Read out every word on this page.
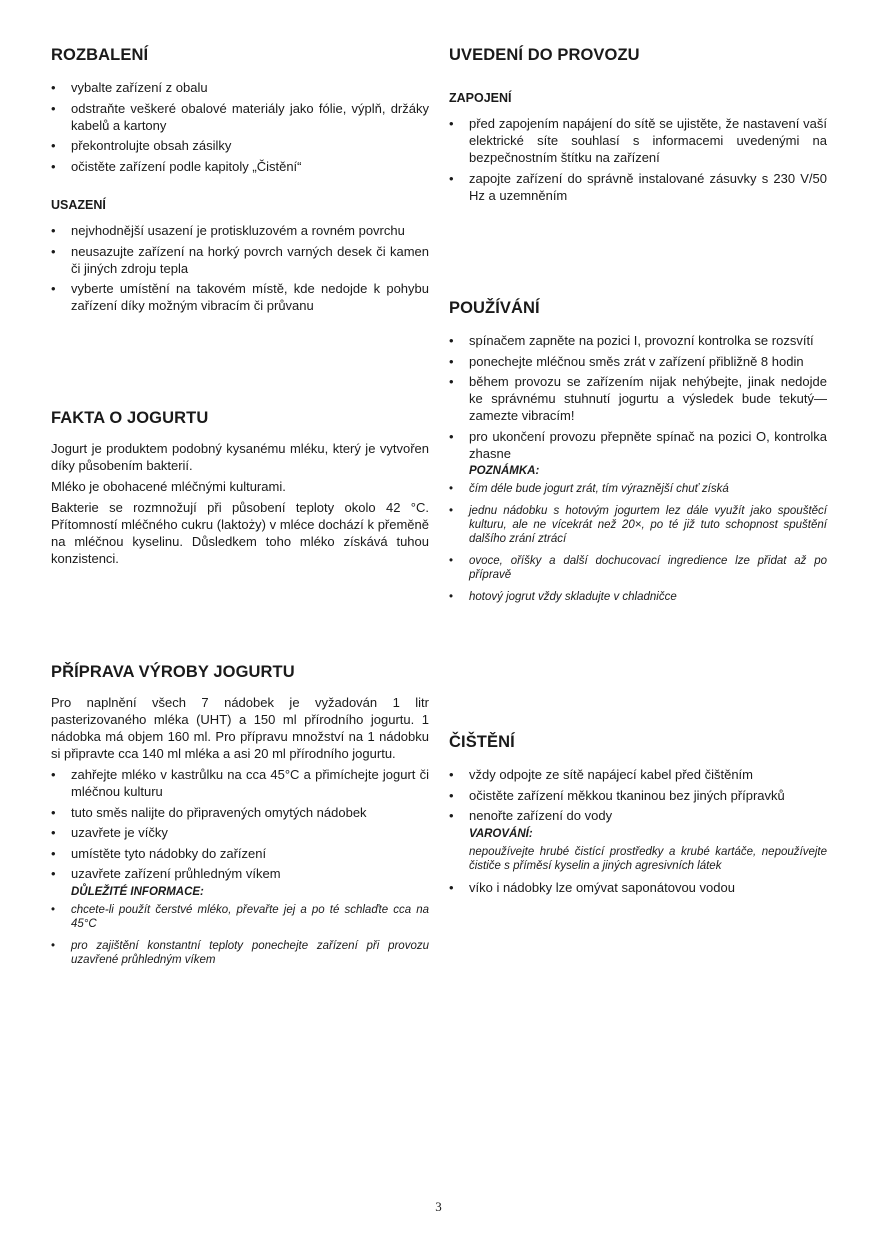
ROZBALENÍ
• vybalte zařízení z obalu
• odstraňte veškeré obalové materiály jako fólie, výplň, držáky kabelů a kartony
• překontrolujte obsah zásilky
• očistěte zařízení podle kapitoly „Čistění“
USAZENÍ
• nejvhodnější usazení je protiskluzovém a rovném povrchu
• neusazujte zařízení na horký povrch varných desek či kamen či jiných zdroju tepla
• vyberte umístění na takovém místě, kde nedojde k pohybu zařízení díky možným vibracím či průvanu
FAKTA O JOGURTU

Jogurt je produktem podobný kysanému mléku, který je vytvořen díky působením bakterií.

Mléko je obohacené mléčnými kulturami.

Bakterie se rozmnožují při působení teploty okolo 42 °C. Přítomností mléčného cukru (laktoży) v mléce dochází k přeměně na mléčnou kyselinu. Důsledkem toho mléko získává tuhou konzistenci.

PŘÍPRAVA VÝROBY JOGURTU

Pro naplnění všech 7 nádobek je vyžadován 1 litr pasterizovaného mléka (UHT) a 150 ml přírodního jogurtu. 1 nádobka má objem 160 ml. Pro přípravu množství na 1 nádobku si připravte cca 140 ml mléka a asi 20 ml přírodního jogurtu.

• zahřejte mléko v kastrůlku na cca 45°C a přimíchejte jogurt či mléčnou kulturu
• tuto směs nalijte do připravených omytých nádobek
• uzavřete je víčky
• umístěte tyto nádobky do zařízení
• uzavřete zařízení průhledným víkem
DŮLEŽITÉ INFORMACE:
• chcete-li použít čerstvé mléko, převařte jej a po té schlaďte cca na 45°C
• pro zajištění konstantní teploty ponechejte zařízení při provozu uzavřené průhledným víkem
UVEDENÍ DO PROVOZU
ZAPOJENÍ
• před zapojením napájení do sítě se ujistěte, že nastavení vaší elektrické síte souhlasí s informacemi uvedenými na bezpečnostním štítku na zařízení
• zapojte zařízení do správně instalované zásuvky s 230 V/50 Hz a uzemněním
POUŽÍVÁNÍ
• spínačem zapněte na pozici I, provozní kontrolka se rozsvítí
• ponechejte mléčnou směs zrát v zařízení přibližně 8 hodin
• během provozu se zařízením nijak nehýbejte, jinak nedojde ke správnému stuhnutí jogurtu a výsledek bude tekutý—zamezte vibracím!
• pro ukončení provozu přepněte spínač na pozici O, kontrolka zhasne
POZNÁMKA:
• čím déle bude jogurt zrát, tím výraznější chuť získá
• jednu nádobku s hotovým jogurtem lez dále využít jako spouštěcí kulturu, ale ne vícekrát než 20×, po té již tuto schopnost spuštění dalšího zrání ztrácí
• ovoce, oříšky a další dochucovací ingredience lze přidat až po přípravě
• hotový jogrut vždy skladujte v chladničce
ČIŠTĚNÍ
• vždy odpojte ze sítě napájecí kabel před čištěním
• očistěte zařízení měkkou tkaninou bez jiných přípravků
• nenořte zařízení do vody
VAROVÁNÍ:
nepoužívejte hrubé čistící prostředky a krubé kartáče, nepoužívejte čističe s příměsí kyselin a jiných agresivních látek
• víko i nádobky lze omývat saponátovou vodou
3
